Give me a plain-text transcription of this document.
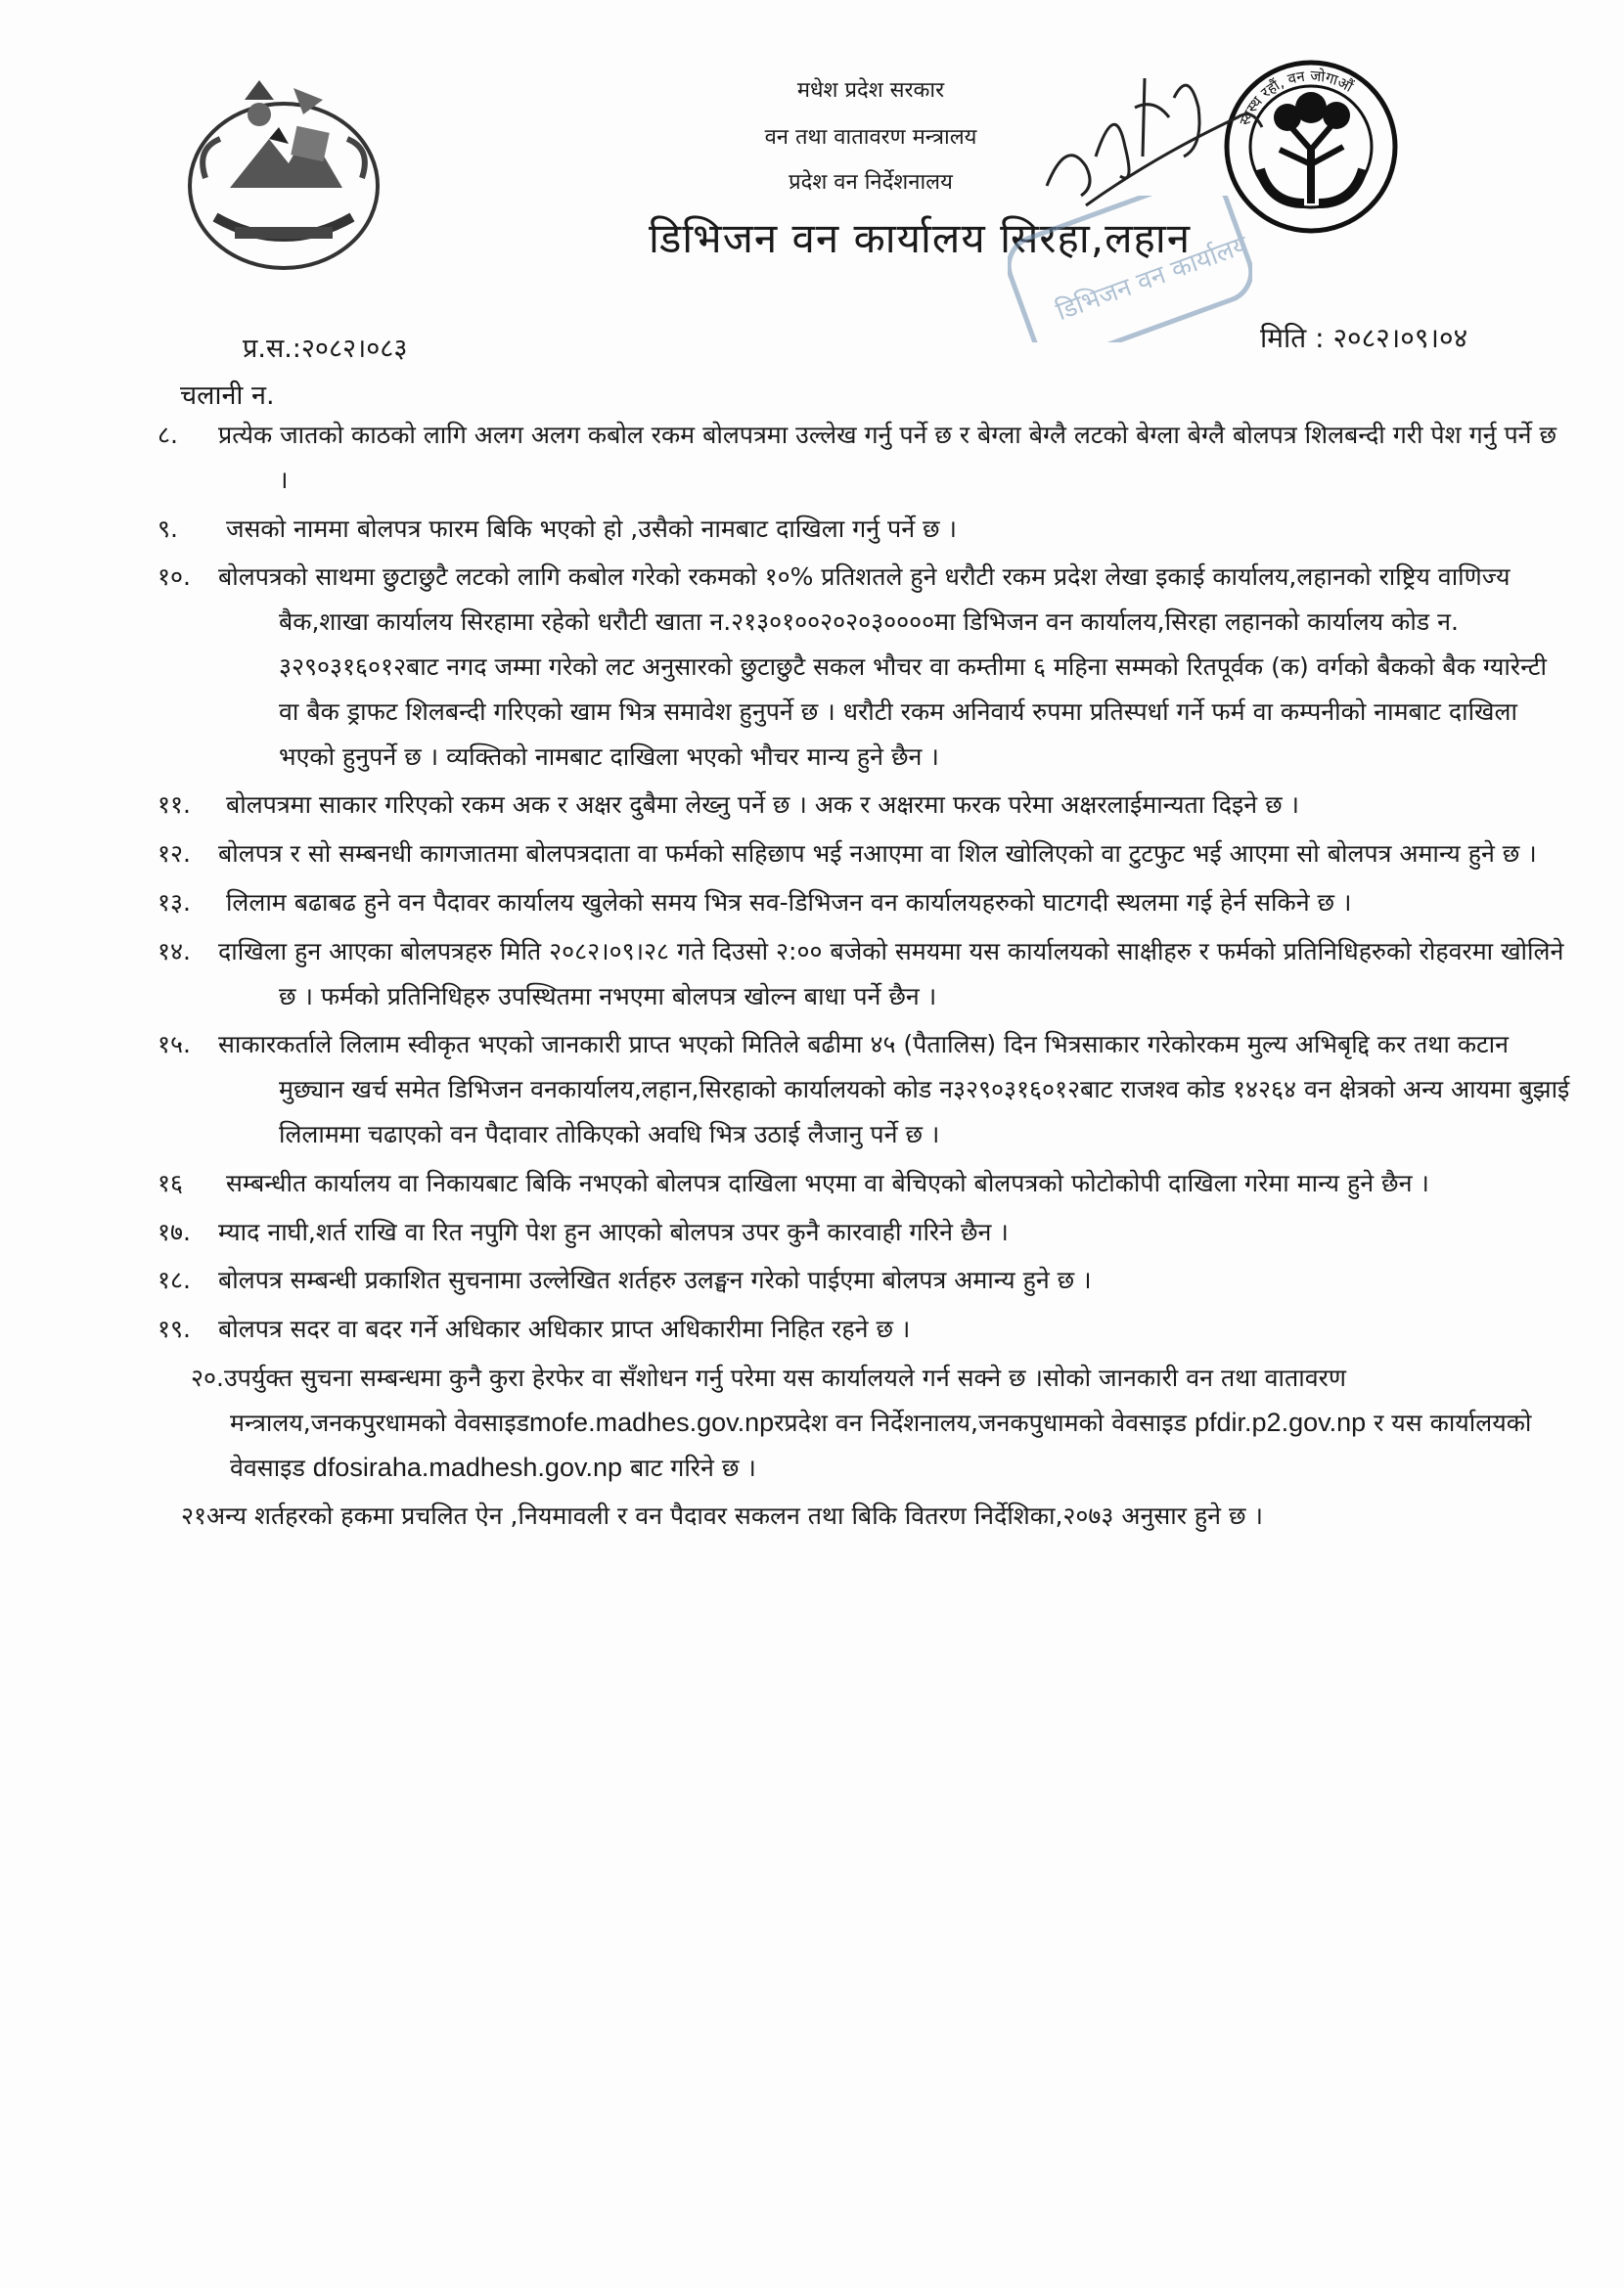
स्वस्थ रहौं, वन जोगाऔं
मधेश प्रदेश सरकार
वन तथा वातावरण मन्त्रालय
प्रदेश वन निर्देशनालय
डिभिजन वन कार्यालय सिरहा,लहान
डिभिजन वन कार्यालय
प्र.स.:२०८२।०८३	मिति : २०८२।०९।०४
चलानी न.

८. प्रत्येक जातको काठको लागि अलग अलग कबोल रकम बोलपत्रमा उल्लेख गर्नु पर्ने छ र बेग्ला बेग्लै लटको बेग्ला बेग्लै बोलपत्र शिलबन्दी गरी पेश गर्नु पर्ने छ ।

९. जसको नाममा बोलपत्र फारम बिकि भएको हो ,उसैको नामबाट दाखिला गर्नु पर्ने छ ।

१०. बोलपत्रको साथमा छुटाछुटै लटको लागि कबोल गरेको रकमको १०% प्रतिशतले हुने धरौटी रकम प्रदेश लेखा इकाई कार्यालय,लहानको राष्ट्रिय वाणिज्य बैक,शाखा कार्यालय सिरहामा रहेको धरौटी खाता न.२१३०१००२०२०३००००मा डिभिजन वन कार्यालय,सिरहा लहानको कार्यालय कोड न. ३२९०३१६०१२बाट नगद जम्मा गरेको लट अनुसारको छुटाछुटै सकल भौचर वा कम्तीमा ६ महिना सम्मको रितपूर्वक (क) वर्गको बैकको बैक ग्यारेन्टी वा बैक ड्राफट शिलबन्दी गरिएको खाम भित्र समावेश हुनुपर्ने छ । धरौटी रकम अनिवार्य रुपमा प्रतिस्पर्धा गर्ने फर्म वा कम्पनीको नामबाट दाखिला भएको हुनुपर्ने छ । व्यक्तिको नामबाट दाखिला भएको भौचर मान्य हुने छैन ।

११. बोलपत्रमा साकार गरिएको रकम अक र अक्षर दुबैमा लेख्नु पर्ने छ । अक र अक्षरमा फरक परेमा अक्षरलाईमान्यता दिइने छ ।

१२. बोलपत्र र सो सम्बनधी कागजातमा बोलपत्रदाता वा फर्मको सहिछाप भई नआएमा वा शिल खोलिएको वा टुटफुट भई आएमा सो बोलपत्र अमान्य हुने छ ।

१३. लिलाम बढाबढ हुने वन पैदावर कार्यालय खुलेको समय भित्र सव-डिभिजन वन कार्यालयहरुको घाटगदी स्थलमा गई हेर्न सकिने छ ।

१४. दाखिला हुन आएका बोलपत्रहरु मिति २०८२।०९।२८ गते दिउसो २:०० बजेको समयमा यस कार्यालयको साक्षीहरु र फर्मको प्रतिनिधिहरुको रोहवरमा खोलिने छ । फर्मको प्रतिनिधिहरु उपस्थितमा नभएमा बोलपत्र खोल्न बाधा पर्ने छैन ।

१५. साकारकर्ताले लिलाम स्वीकृत भएको जानकारी प्राप्त भएको मितिले बढीमा ४५ (पैतालिस) दिन भित्रसाकार गरेकोरकम मुल्य अभिबृद्दि कर तथा कटान मुछ्यान खर्च समेत डिभिजन वनकार्यालय,लहान,सिरहाको कार्यालयको कोड न३२९०३१६०१२बाट राजश्व कोड १४२६४ वन क्षेत्रको अन्य आयमा बुझाई लिलाममा चढाएको वन पैदावार तोकिएको अवधि भित्र उठाई लैजानु पर्ने छ ।

१६ सम्बन्धीत कार्यालय वा निकायबाट बिकि नभएको बोलपत्र दाखिला भएमा वा बेचिएको बोलपत्रको फोटोकोपी दाखिला गरेमा मान्य हुने छैन ।

१७. म्याद नाघी,शर्त राखि वा रित नपुगि पेश हुन आएको बोलपत्र उपर कुनै कारवाही गरिने छैन ।

१८. बोलपत्र सम्बन्धी प्रकाशित सुचनामा उल्लेखित शर्तहरु उलङ्घन गरेको पाईएमा बोलपत्र अमान्य हुने छ ।

१९. बोलपत्र सदर वा बदर गर्ने अधिकार अधिकार प्राप्त अधिकारीमा निहित रहने छ ।

२०.उपर्युक्त सुचना सम्बन्धमा कुनै कुरा हेरफेर वा सँशोधन गर्नु परेमा यस कार्यालयले गर्न सक्ने छ ।सोको जानकारी वन तथा वातावरण मन्त्रालय,जनकपुरधामको वेवसाइडmofe.madhes.gov.npरप्रदेश वन निर्देशनालय,जनकपुधामको वेवसाइड pfdir.p2.gov.np र यस कार्यालयको वेवसाइड dfosiraha.madhesh.gov.np बाट गरिने छ ।

२१अन्य शर्तहरको हकमा प्रचलित ऐन ,नियमावली र वन पैदावर सकलन तथा बिकि वितरण निर्देशिका,२०७३ अनुसार हुने छ ।
